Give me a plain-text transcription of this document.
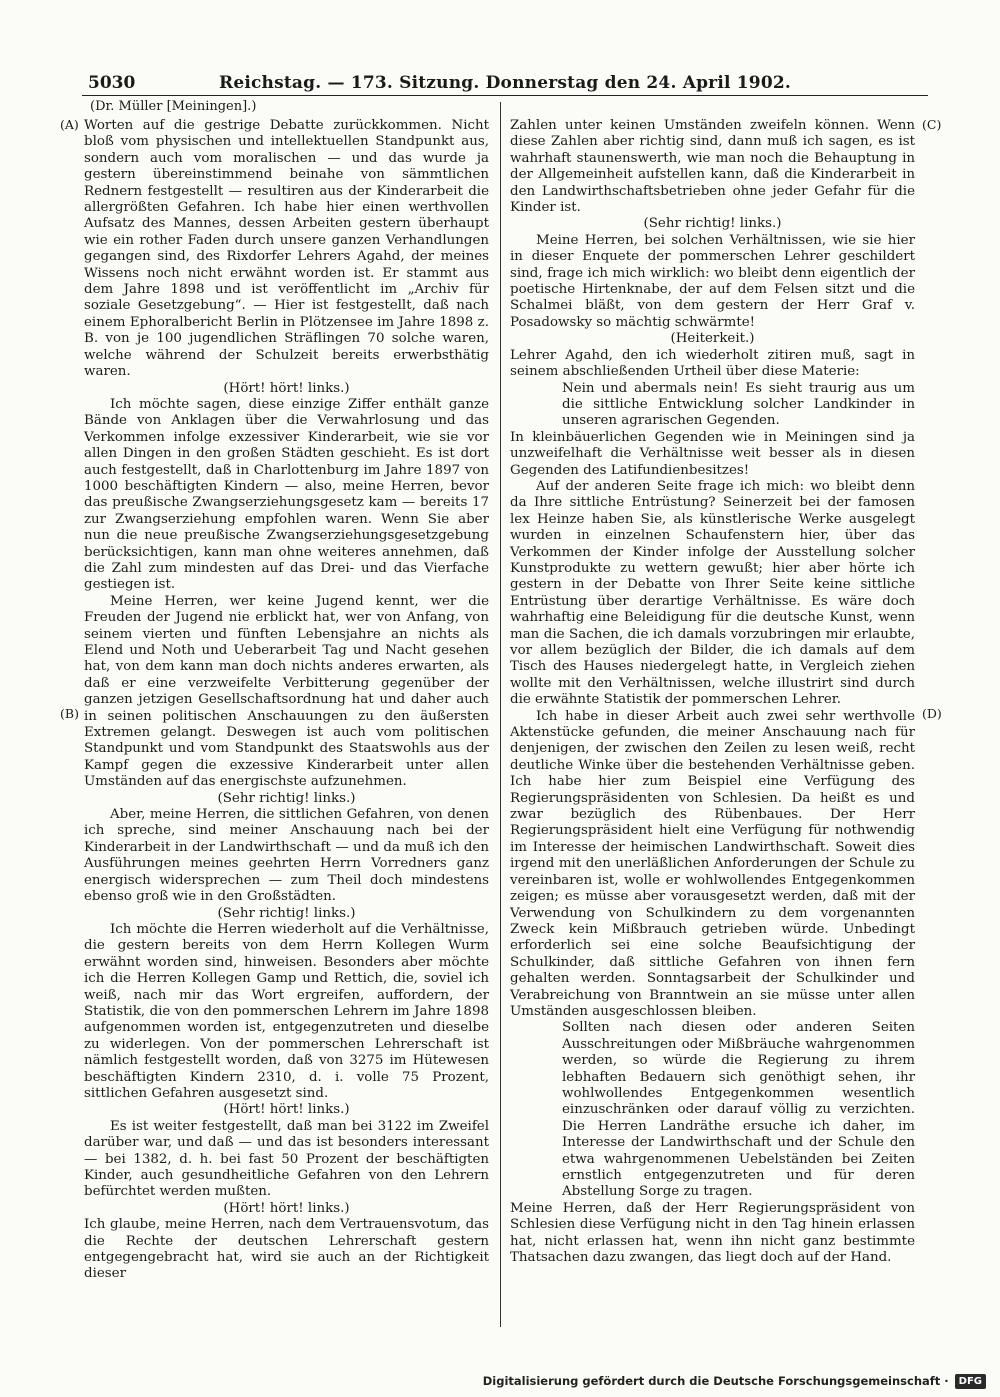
5030	Reichstag. — 173. Sitzung. Donnerstag den 24. April 1902.
(Dr. Müller [Meiningen].)
(A)
(B)
(C)
(D)

Worten auf die gestrige Debatte zurückkommen. Nicht bloß vom physischen und intellektuellen Standpunkt aus, sondern auch vom moralischen — und das wurde ja gestern übereinstimmend beinahe von sämmtlichen Rednern festgestellt — resultiren aus der Kinderarbeit die allergrößten Gefahren. Ich habe hier einen werthvollen Aufsatz des Mannes, dessen Arbeiten gestern überhaupt wie ein rother Faden durch unsere ganzen Verhandlungen gegangen sind, des Rixdorfer Lehrers Agahd, der meines Wissens noch nicht erwähnt worden ist. Er stammt aus dem Jahre 1898 und ist veröffentlicht im „Archiv für soziale Gesetzgebung“. — Hier ist festgestellt, daß nach einem Ephoralbericht Berlin in Plötzensee im Jahre 1898 z. B. von je 100 jugendlichen Sträflingen 70 solche waren, welche während der Schulzeit bereits erwerbsthätig waren.

(Hört! hört! links.)

Ich möchte sagen, diese einzige Ziffer enthält ganze Bände von Anklagen über die Verwahrlosung und das Verkommen infolge exzessiver Kinderarbeit, wie sie vor allen Dingen in den großen Städten geschieht. Es ist dort auch festgestellt, daß in Charlottenburg im Jahre 1897 von 1000 beschäftigten Kindern — also, meine Herren, bevor das preußische Zwangserziehungsgesetz kam — bereits 17 zur Zwangserziehung empfohlen waren. Wenn Sie aber nun die neue preußische Zwangserziehungsgesetzgebung berücksichtigen, kann man ohne weiteres annehmen, daß die Zahl zum mindesten auf das Drei- und das Vierfache gestiegen ist.

Meine Herren, wer keine Jugend kennt, wer die Freuden der Jugend nie erblickt hat, wer von Anfang, von seinem vierten und fünften Lebensjahre an nichts als Elend und Noth und Ueberarbeit Tag und Nacht gesehen hat, von dem kann man doch nichts anderes erwarten, als daß er eine verzweifelte Verbitterung gegenüber der ganzen jetzigen Gesellschaftsordnung hat und daher auch in seinen politischen Anschauungen zu den äußersten Extremen gelangt. Deswegen ist auch vom politischen Standpunkt und vom Standpunkt des Staatswohls aus der Kampf gegen die exzessive Kinderarbeit unter allen Umständen auf das energischste aufzunehmen.

(Sehr richtig! links.)

Aber, meine Herren, die sittlichen Gefahren, von denen ich spreche, sind meiner Anschauung nach bei der Kinderarbeit in der Landwirthschaft — und da muß ich den Ausführungen meines geehrten Herrn Vorredners ganz energisch widersprechen — zum Theil doch mindestens ebenso groß wie in den Großstädten.

(Sehr richtig! links.)

Ich möchte die Herren wiederholt auf die Verhältnisse, die gestern bereits von dem Herrn Kollegen Wurm erwähnt worden sind, hinweisen. Besonders aber möchte ich die Herren Kollegen Gamp und Rettich, die, soviel ich weiß, nach mir das Wort ergreifen, auffordern, der Statistik, die von den pommerschen Lehrern im Jahre 1898 aufgenommen worden ist, entgegenzutreten und dieselbe zu widerlegen. Von der pommerschen Lehrerschaft ist nämlich festgestellt worden, daß von 3275 im Hütewesen beschäftigten Kindern 2310, d. i. volle 75 Prozent, sittlichen Gefahren ausgesetzt sind.

(Hört! hört! links.)

Es ist weiter festgestellt, daß man bei 3122 im Zweifel darüber war, und daß — und das ist besonders interessant — bei 1382, d. h. bei fast 50 Prozent der beschäftigten Kinder, auch gesundheitliche Gefahren von den Lehrern befürchtet werden mußten.

(Hört! hört! links.)

Ich glaube, meine Herren, nach dem Vertrauensvotum, das die Rechte der deutschen Lehrerschaft gestern entgegengebracht hat, wird sie auch an der Richtigkeit dieser

Zahlen unter keinen Umständen zweifeln können. Wenn diese Zahlen aber richtig sind, dann muß ich sagen, es ist wahrhaft staunenswerth, wie man noch die Behauptung in der Allgemeinheit aufstellen kann, daß die Kinderarbeit in den Landwirthschaftsbetrieben ohne jeder Gefahr für die Kinder ist.

(Sehr richtig! links.)

Meine Herren, bei solchen Verhältnissen, wie sie hier in dieser Enquete der pommerschen Lehrer geschildert sind, frage ich mich wirklich: wo bleibt denn eigentlich der poetische Hirtenknabe, der auf dem Felsen sitzt und die Schalmei bläßt, von dem gestern der Herr Graf v. Posadowsky so mächtig schwärmte!

(Heiterkeit.)

Lehrer Agahd, den ich wiederholt zitiren muß, sagt in seinem abschließenden Urtheil über diese Materie:

Nein und abermals nein! Es sieht traurig aus um die sittliche Entwicklung solcher Landkinder in unseren agrarischen Gegenden.

In kleinbäuerlichen Gegenden wie in Meiningen sind ja unzweifelhaft die Verhältnisse weit besser als in diesen Gegenden des Latifundienbesitzes!

Auf der anderen Seite frage ich mich: wo bleibt denn da Ihre sittliche Entrüstung? Seinerzeit bei der famosen lex Heinze haben Sie, als künstlerische Werke ausgelegt wurden in einzelnen Schaufenstern hier, über das Verkommen der Kinder infolge der Ausstellung solcher Kunstprodukte zu wettern gewußt; hier aber hörte ich gestern in der Debatte von Ihrer Seite keine sittliche Entrüstung über derartige Verhältnisse. Es wäre doch wahrhaftig eine Beleidigung für die deutsche Kunst, wenn man die Sachen, die ich damals vorzubringen mir erlaubte, vor allem bezüglich der Bilder, die ich damals auf dem Tisch des Hauses niedergelegt hatte, in Vergleich ziehen wollte mit den Verhältnissen, welche illustrirt sind durch die erwähnte Statistik der pommerschen Lehrer.

Ich habe in dieser Arbeit auch zwei sehr werthvolle Aktenstücke gefunden, die meiner Anschauung nach für denjenigen, der zwischen den Zeilen zu lesen weiß, recht deutliche Winke über die bestehenden Verhältnisse geben. Ich habe hier zum Beispiel eine Verfügung des Regierungspräsidenten von Schlesien. Da heißt es und zwar bezüglich des Rübenbaues. Der Herr Regierungspräsident hielt eine Verfügung für nothwendig im Interesse der heimischen Landwirthschaft. Soweit dies irgend mit den unerläßlichen Anforderungen der Schule zu vereinbaren ist, wolle er wohlwollendes Entgegenkommen zeigen; es müsse aber vorausgesetzt werden, daß mit der Verwendung von Schulkindern zu dem vorgenannten Zweck kein Mißbrauch getrieben würde. Unbedingt erforderlich sei eine solche Beaufsichtigung der Schulkinder, daß sittliche Gefahren von ihnen fern gehalten werden. Sonntagsarbeit der Schulkinder und Verabreichung von Branntwein an sie müsse unter allen Umständen ausgeschlossen bleiben.

Sollten nach diesen oder anderen Seiten Ausschreitungen oder Mißbräuche wahrgenommen werden, so würde die Regierung zu ihrem lebhaften Bedauern sich genöthigt sehen, ihr wohlwollendes Entgegenkommen wesentlich einzuschränken oder darauf völlig zu verzichten. Die Herren Landräthe ersuche ich daher, im Interesse der Landwirthschaft und der Schule den etwa wahrgenommenen Uebelständen bei Zeiten ernstlich entgegenzutreten und für deren Abstellung Sorge zu tragen.

Meine Herren, daß der Herr Regierungspräsident von Schlesien diese Verfügung nicht in den Tag hinein erlassen hat, nicht erlassen hat, wenn ihn nicht ganz bestimmte Thatsachen dazu zwangen, das liegt doch auf der Hand.

Digitalisierung gefördert durch die Deutsche Forschungsgemeinschaft ·	DFG
